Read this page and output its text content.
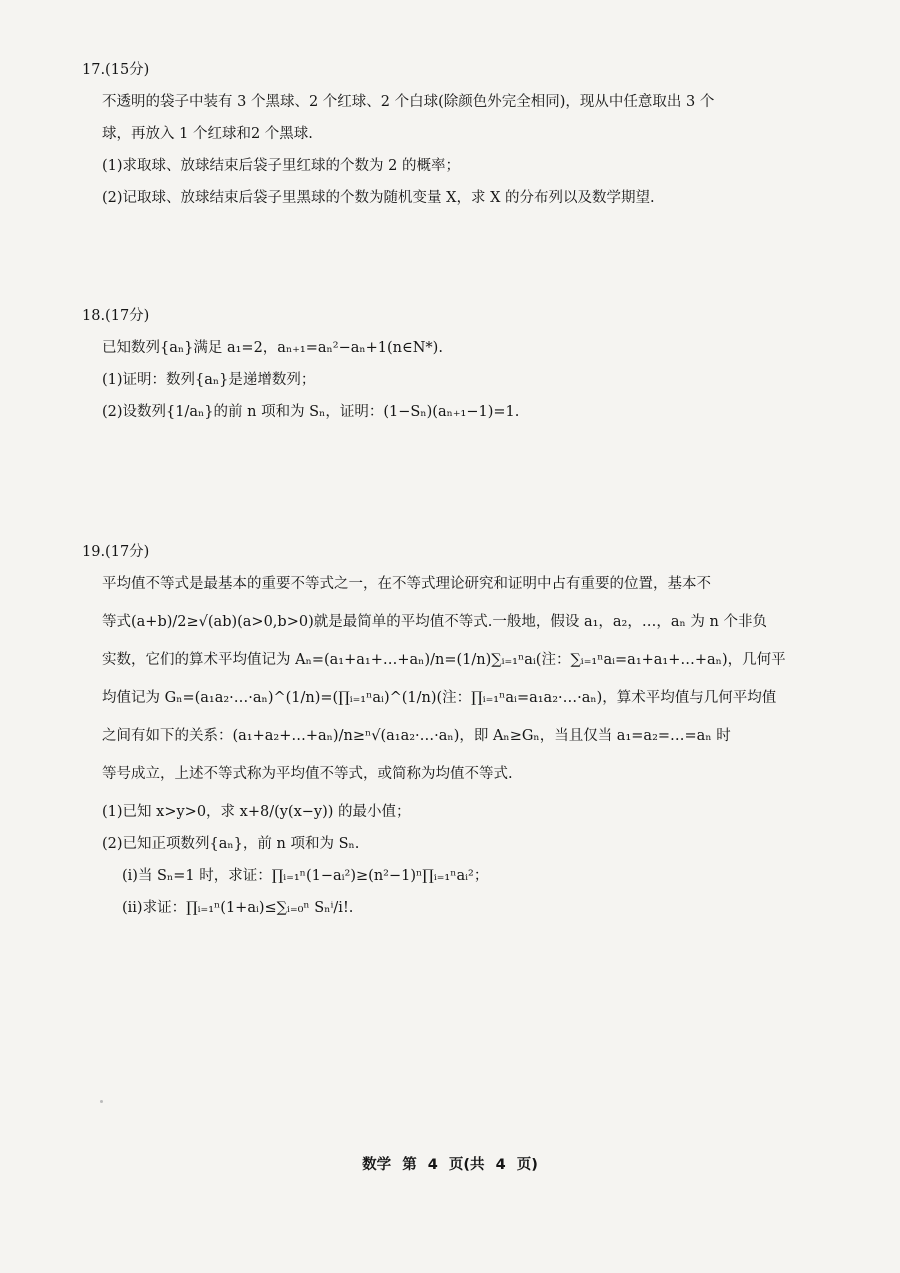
17.(15分)
不透明的袋子中装有 3 个黑球、2 个红球、2 个白球(除颜色外完全相同)，现从中任意取出 3 个
球，再放入 1 个红球和2 个黑球.
(1)求取球、放球结束后袋子里红球的个数为 2 的概率；
(2)记取球、放球结束后袋子里黑球的个数为随机变量 X，求 X 的分布列以及数学期望.
18.(17分)
已知数列{aₙ}满足 a₁=2，aₙ₊₁=aₙ²−aₙ+1(n∈N*).
(1)证明：数列{aₙ}是递增数列；
(2)设数列{1/aₙ}的前 n 项和为 Sₙ，证明：(1−Sₙ)(aₙ₊₁−1)=1.
19.(17分)
平均值不等式是最基本的重要不等式之一，在不等式理论研究和证明中占有重要的位置，基本不
等式(a+b)/2≥√(ab)(a>0,b>0)就是最简单的平均值不等式.一般地，假设 a₁，a₂，…，aₙ 为 n 个非负
实数，它们的算术平均值记为 Aₙ=(a₁+a₁+…+aₙ)/n=(1/n)∑ᵢ₌₁ⁿaᵢ(注：∑ᵢ₌₁ⁿaᵢ=a₁+a₁+…+aₙ)，几何平
均值记为 Gₙ=(a₁a₂·…·aₙ)^(1/n)=(∏ᵢ₌₁ⁿaᵢ)^(1/n)(注：∏ᵢ₌₁ⁿaᵢ=a₁a₂·…·aₙ)，算术平均值与几何平均值
之间有如下的关系：(a₁+a₂+…+aₙ)/n≥ⁿ√(a₁a₂·…·aₙ)，即 Aₙ≥Gₙ，当且仅当 a₁=a₂=…=aₙ 时
等号成立，上述不等式称为平均值不等式，或简称为均值不等式.
(1)已知 x>y>0，求 x+8/(y(x−y)) 的最小值；
(2)已知正项数列{aₙ}，前 n 项和为 Sₙ.
(i)当 Sₙ=1 时，求证：∏ᵢ₌₁ⁿ(1−aᵢ²)≥(n²−1)ⁿ∏ᵢ₌₁ⁿaᵢ²；
(ii)求证：∏ᵢ₌₁ⁿ(1+aᵢ)≤∑ᵢ₌₀ⁿ Sₙⁱ/i!.
数学 第 4 页(共 4 页)
